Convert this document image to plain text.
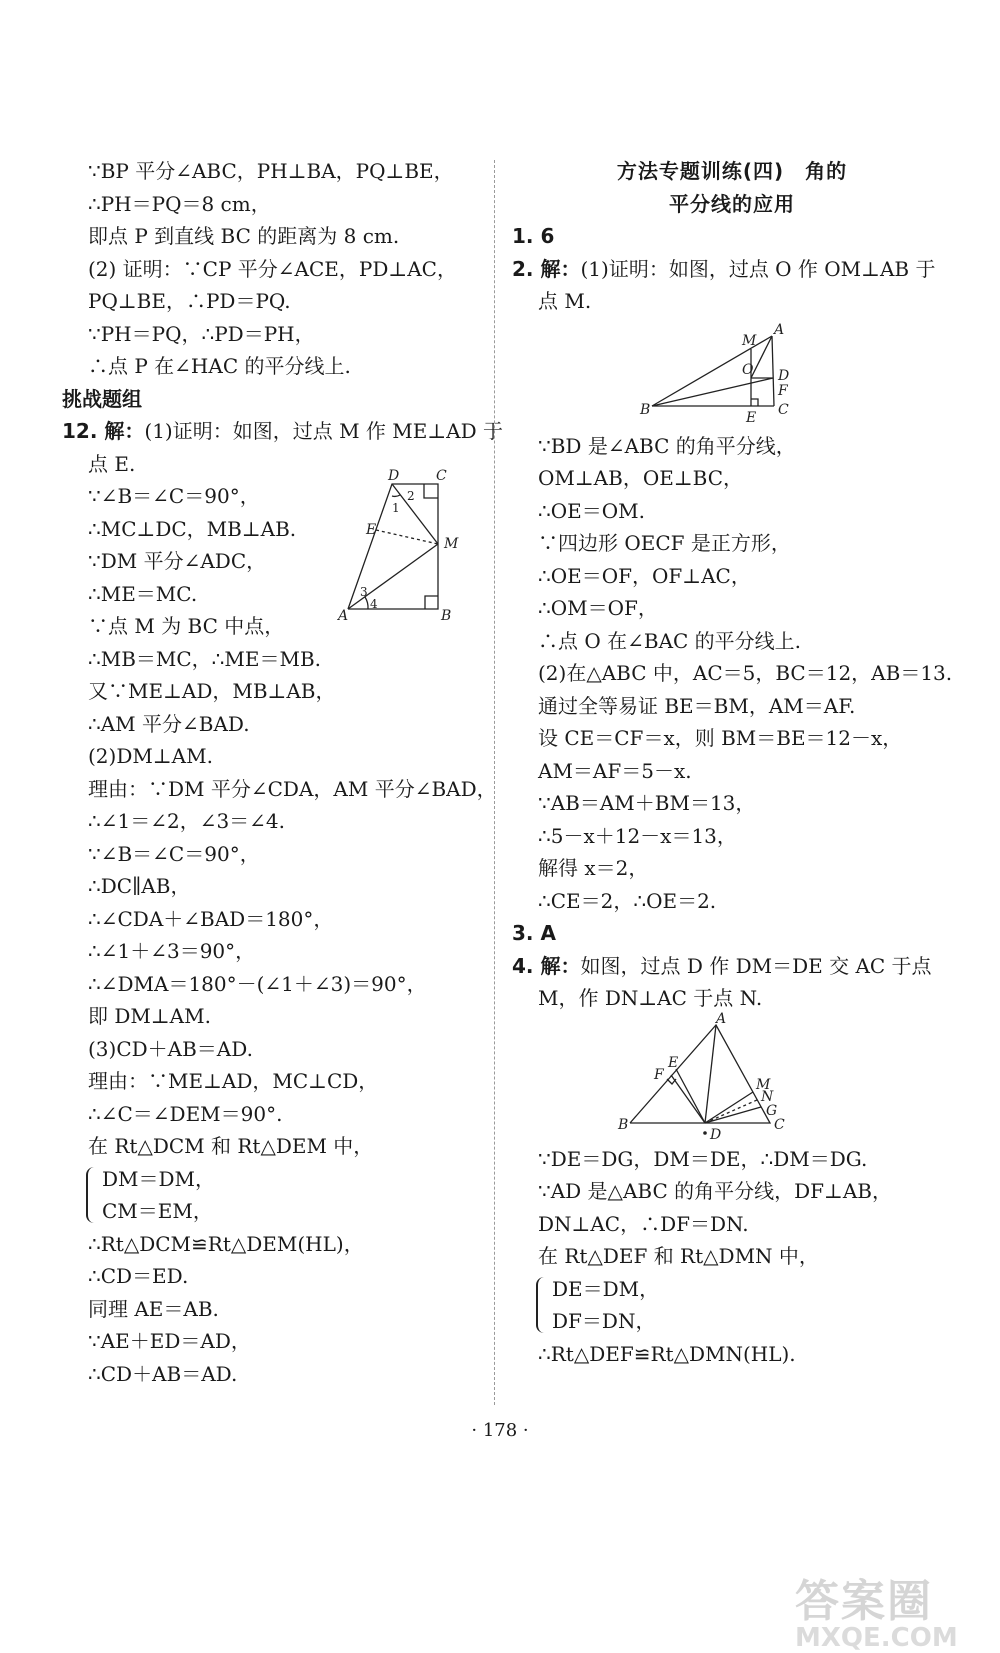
∵BP 平分∠ABC，PH⊥BA，PQ⊥BE，
∴PH＝PQ＝8 cm，
即点 P 到直线 BC 的距离为 8 cm.
(2) 证明：∵CP 平分∠ACE，PD⊥AC，
PQ⊥BE，∴PD＝PQ.
∵PH＝PQ，∴PD＝PH，
∴点 P 在∠HAC 的平分线上.
挑战题组
12. 解：(1)证明：如图，过点 M 作 ME⊥AD 于
点 E.
∵∠B＝∠C＝90°，
∴MC⊥DC，MB⊥AB.
∵DM 平分∠ADC，
∴ME＝MC.
∵点 M 为 BC 中点，
D	C
E
M
A	B
1
2
3
4
∴MB＝MC，∴ME＝MB.
又∵ME⊥AD，MB⊥AB，
∴AM 平分∠BAD.
(2)DM⊥AM.
理由：∵DM 平分∠CDA，AM 平分∠BAD，
∴∠1＝∠2，∠3＝∠4.
∵∠B＝∠C＝90°，
∴DC∥AB，
∴∠CDA＋∠BAD＝180°，
∴∠1＋∠3＝90°，
∴∠DMA＝180°－(∠1＋∠3)＝90°，
即 DM⊥AM.
(3)CD＋AB＝AD.
理由：∵ME⊥AD，MC⊥CD，
∴∠C＝∠DEM＝90°.
在 Rt△DCM 和 Rt△DEM 中，
DM＝DM，
CM＝EM，
∴Rt△DCM≌Rt△DEM(HL)，
∴CD＝ED.
同理 AE＝AB.
∵AE＋ED＝AD，
∴CD＋AB＝AD.
方法专题训练(四)　角的
平分线的应用
1. 6
2. 解：(1)证明：如图，过点 O 作 OM⊥AB 于
点 M.
M
A
O D
F
B	E C
∵BD 是∠ABC 的角平分线，
OM⊥AB，OE⊥BC，
∴OE＝OM.
∵四边形 OECF 是正方形，
∴OE＝OF，OF⊥AC，
∴OM＝OF，
∴点 O 在∠BAC 的平分线上.
(2)在△ABC 中，AC＝5，BC＝12，AB＝13.
通过全等易证 BE＝BM，AM＝AF.
设 CE＝CF＝x，则 BM＝BE＝12－x，
AM＝AF＝5－x.
∵AB＝AM＋BM＝13，
∴5－x＋12－x＝13，
解得 x＝2，
∴CE＝2，∴OE＝2.
3. A
4. 解：如图，过点 D 作 DM＝DE 交 AC 于点
M，作 DN⊥AC 于点 N.
A
E
F
M
N
G
B
D
C
∵DE＝DG，DM＝DE，∴DM＝DG.
∵AD 是△ABC 的角平分线，DF⊥AB，
DN⊥AC，∴DF＝DN.
在 Rt△DEF 和 Rt△DMN 中，
DE＝DM，
DF＝DN，
∴Rt△DEF≌Rt△DMN(HL).
· 178 ·
答案圈
MXQE.COM
